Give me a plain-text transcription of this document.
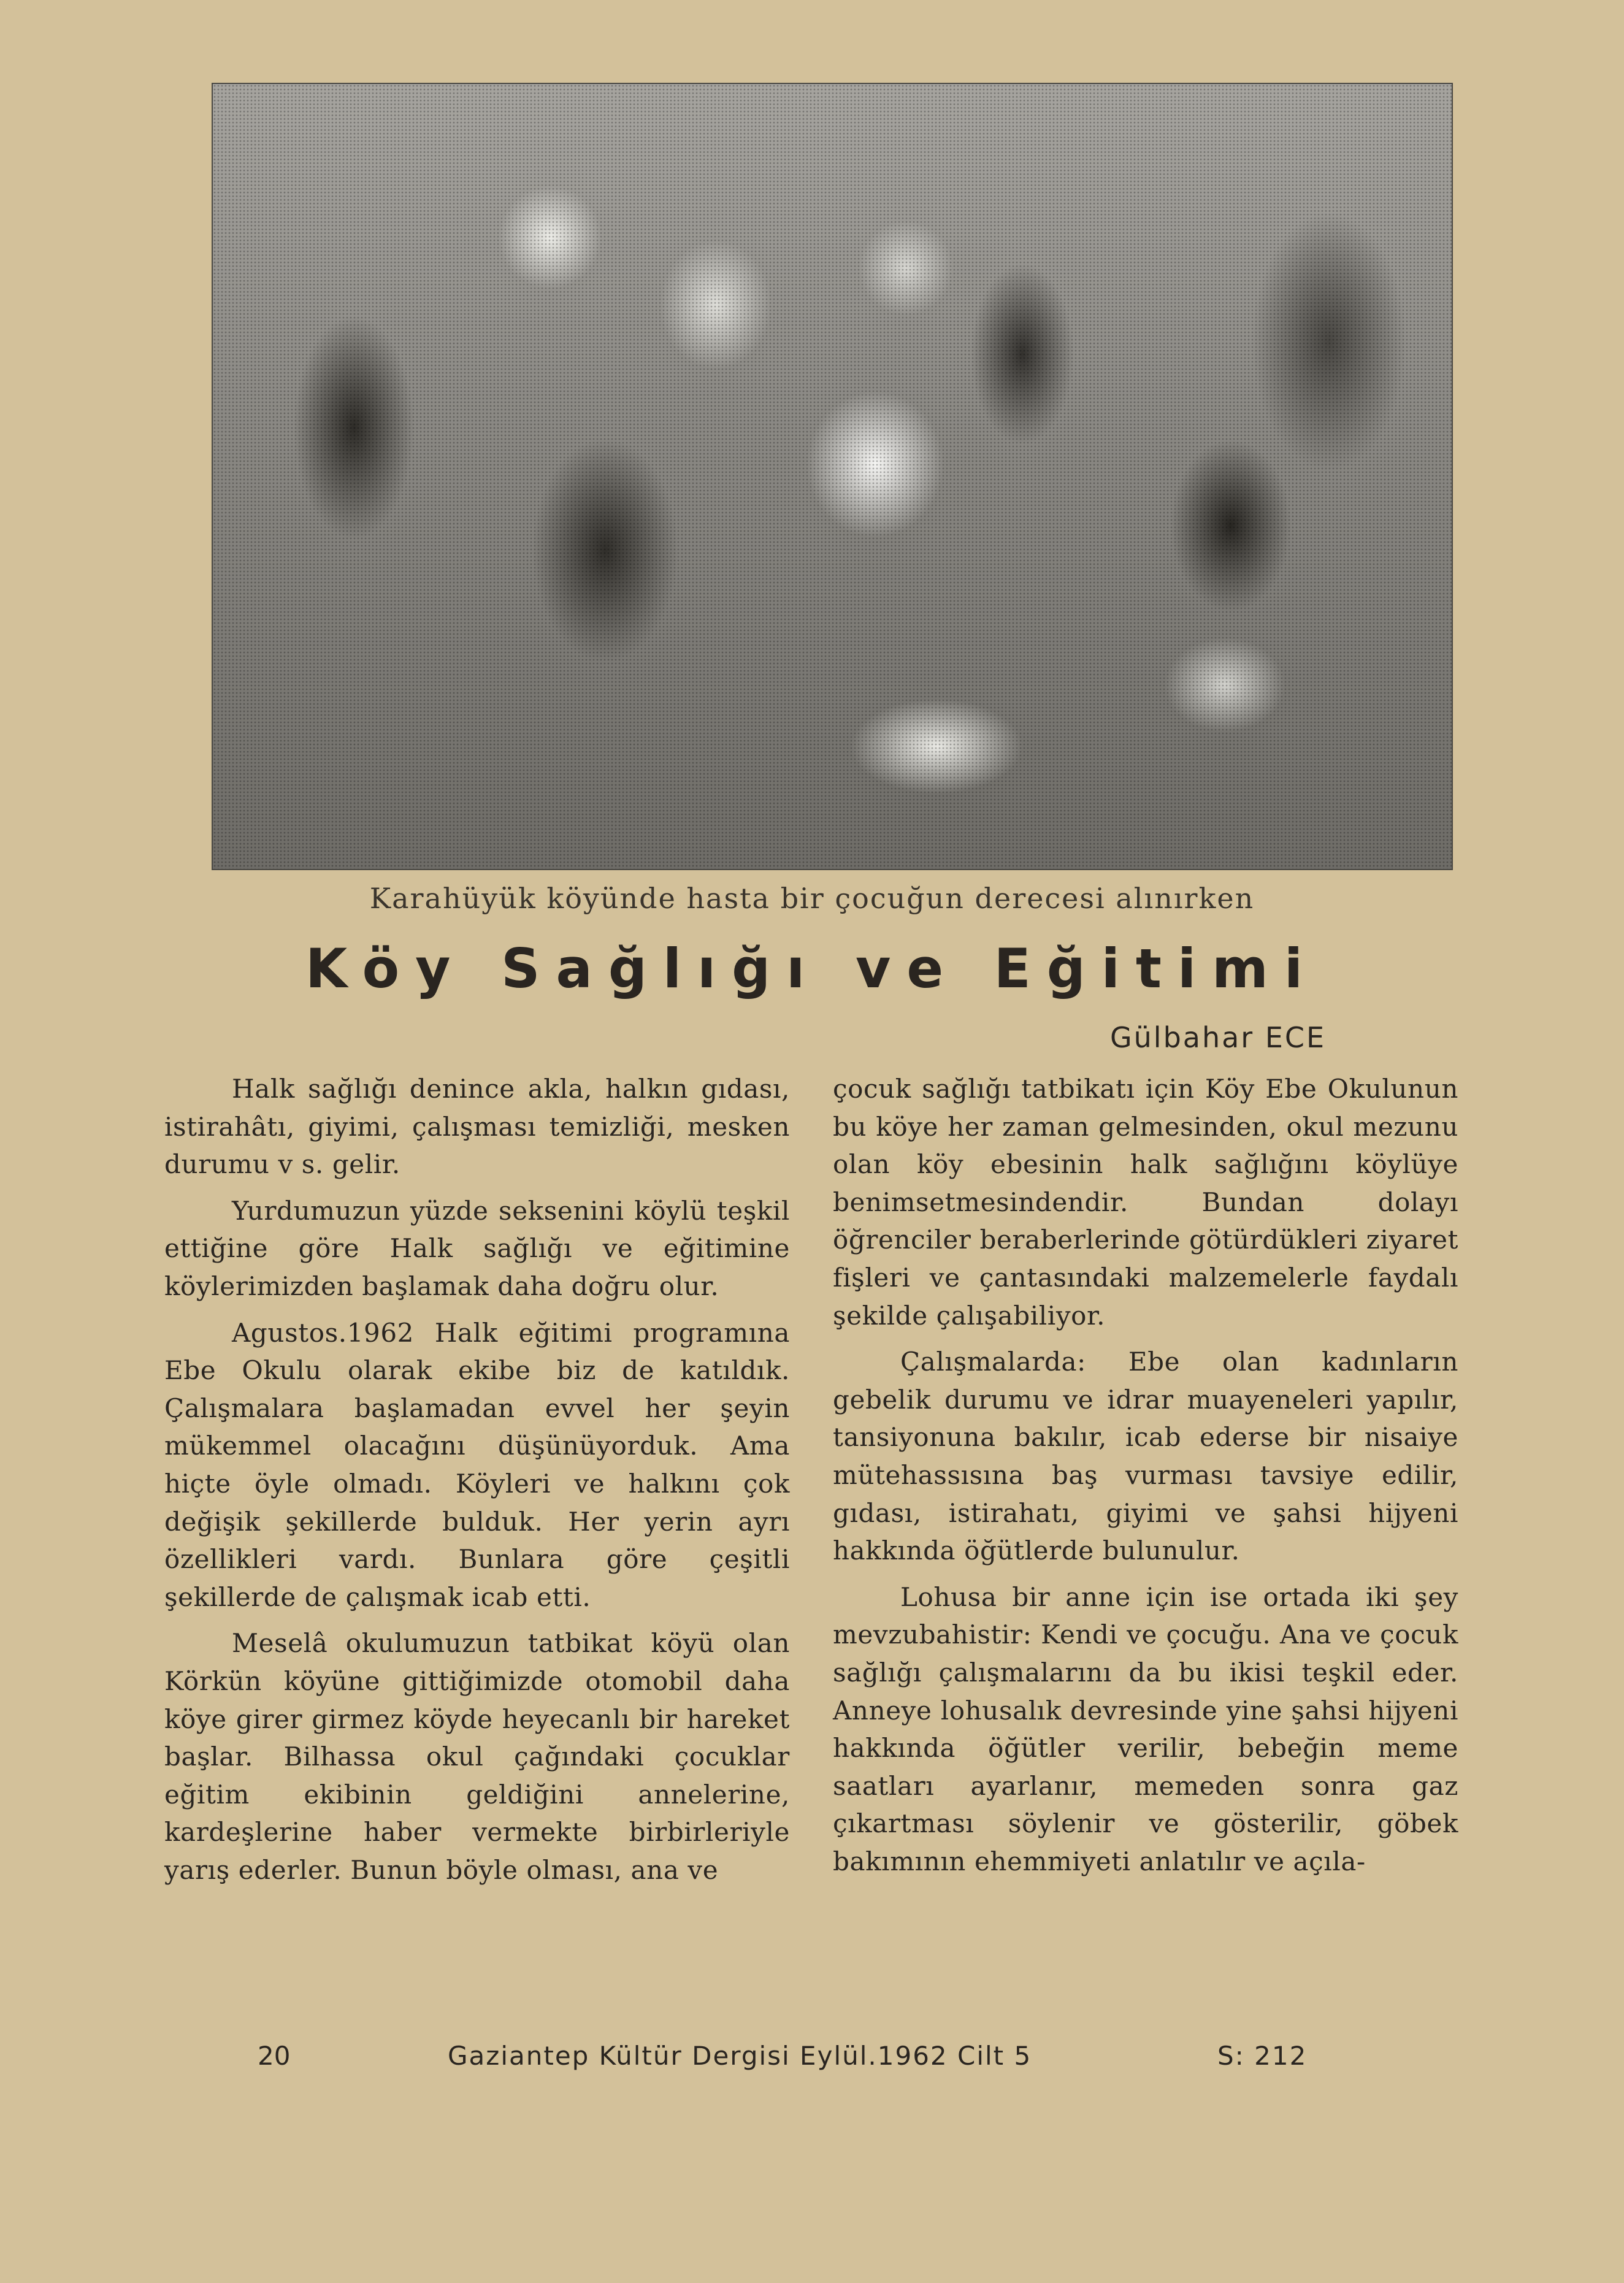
Karahüyük köyünde hasta bir çocuğun derecesi alınırken
Köy Sağlığı ve Eğitimi
Gülbahar ECE

Halk sağlığı denince akla, halkın gıdası, istirahâtı, giyimi, çalışması temizliği, mesken durumu v s. gelir.

Yurdumuzun yüzde seksenini köylü teşkil ettiğine göre Halk sağlığı ve eğitimine köylerimizden başlamak daha doğru olur.

Agustos.1962 Halk eğitimi programına Ebe Okulu olarak ekibe biz de katıldık. Çalışmalara başlamadan evvel her şeyin mükemmel olacağını düşünüyorduk. Ama hiçte öyle olmadı. Köyleri ve halkını çok değişik şekillerde bulduk. Her yerin ayrı özellikleri vardı. Bunlara göre çeşitli şekillerde de çalışmak icab etti.

Meselâ okulumuzun tatbikat köyü olan Körkün köyüne gittiğimizde otomobil daha köye girer girmez köyde heyecanlı bir hareket başlar. Bilhassa okul çağındaki çocuklar eğitim ekibinin geldiğini annelerine, kardeşlerine haber vermekte birbirleriyle yarış ederler. Bunun böyle olması, ana ve

çocuk sağlığı tatbikatı için Köy Ebe Okulunun bu köye her zaman gelmesinden, okul mezunu olan köy ebesinin halk sağlığını köylüye benimsetmesindendir. Bundan dolayı öğrenciler beraberlerinde götürdükleri ziyaret fişleri ve çantasındaki malzemelerle faydalı şekilde çalışabiliyor.

Çalışmalarda: Ebe olan kadınların gebelik durumu ve idrar muayeneleri yapılır, tansiyonuna bakılır, icab ederse bir nisaiye mütehassısına baş vurması tavsiye edilir, gıdası, istirahatı, giyimi ve şahsi hijyeni hakkında öğütlerde bulunulur.

Lohusa bir anne için ise ortada iki şey mevzubahistir: Kendi ve çocuğu. Ana ve çocuk sağlığı çalışmalarını da bu ikisi teşkil eder. Anneye lohusalık devresinde yine şahsi hijyeni hakkında öğütler verilir, bebeğin meme saatları ayarlanır, memeden sonra gaz çıkartması söylenir ve gösterilir, göbek bakımının ehemmiyeti anlatılır ve açıla-

20	Gaziantep Kültür Dergisi Eylül.1962 Cilt 5	S: 212
